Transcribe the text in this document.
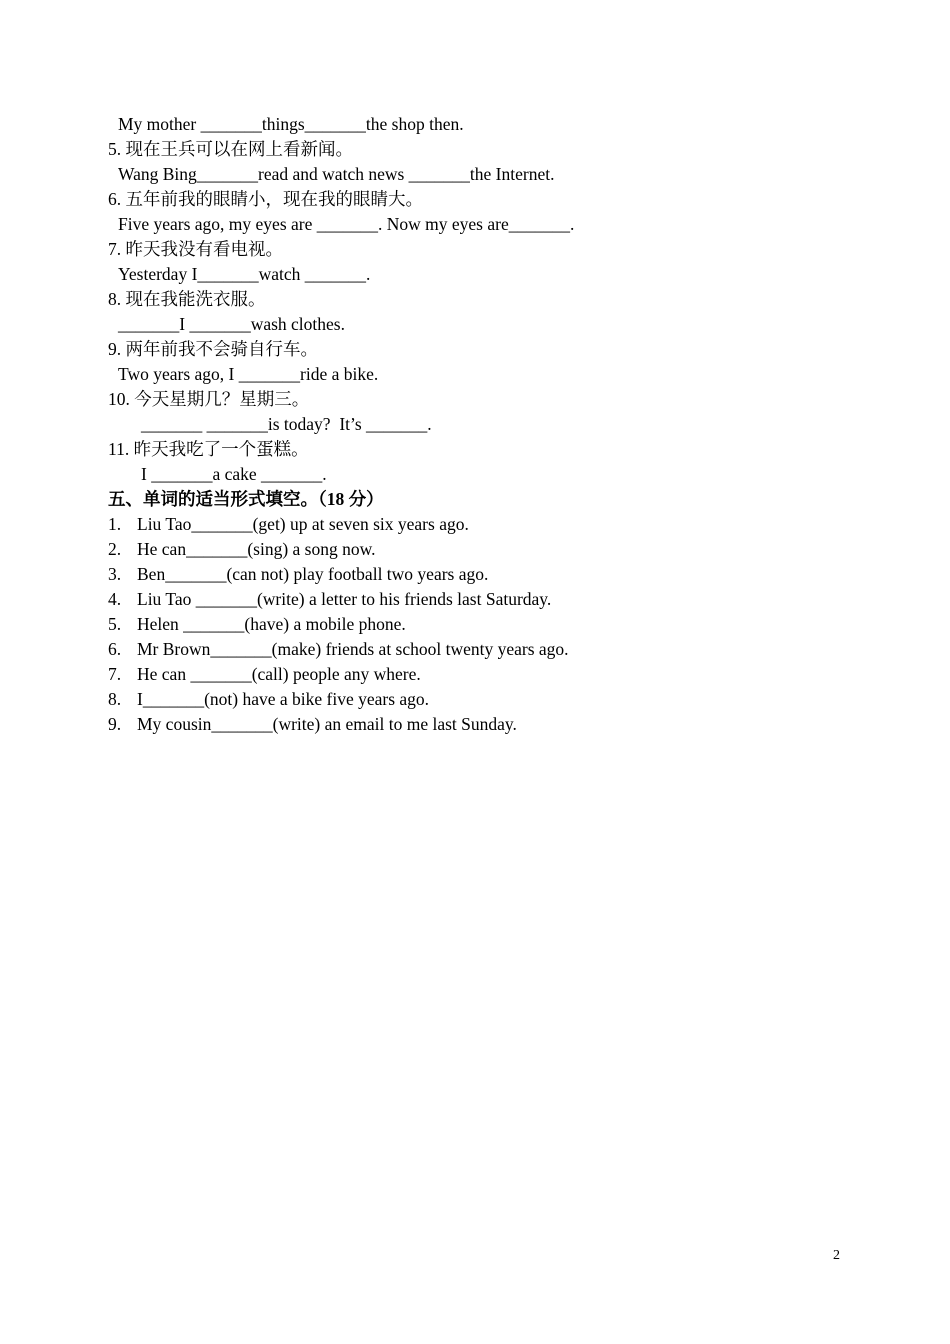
My mother _______things_______the shop then.
5. 现在王兵可以在网上看新闻。
Wang Bing_______read and watch news _______the Internet.
6. 五年前我的眼睛小，现在我的眼睛大。
Five years ago, my eyes are _______. Now my eyes are_______.
7. 昨天我没有看电视。
Yesterday I_______watch _______.
8. 现在我能洗衣服。
_______I _______wash clothes.
9. 两年前我不会骑自行车。
Two years ago, I _______ride a bike.
10. 今天星期几？星期三。
_______ _______is today?  It’s _______.
11. 昨天我吃了一个蛋糕。
I _______a cake _______.
五、单词的适当形式填空。（18 分）
1. Liu Tao_______(get) up at seven six years ago.
2. He can_______(sing) a song now.
3. Ben_______(can not) play football two years ago.
4. Liu Tao _______(write) a letter to his friends last Saturday.
5. Helen _______(have) a mobile phone.
6. Mr Brown_______(make) friends at school twenty years ago.
7. He can _______(call) people any where.
8. I_______(not) have a bike five years ago.
9. My cousin_______(write) an email to me last Sunday.
2
